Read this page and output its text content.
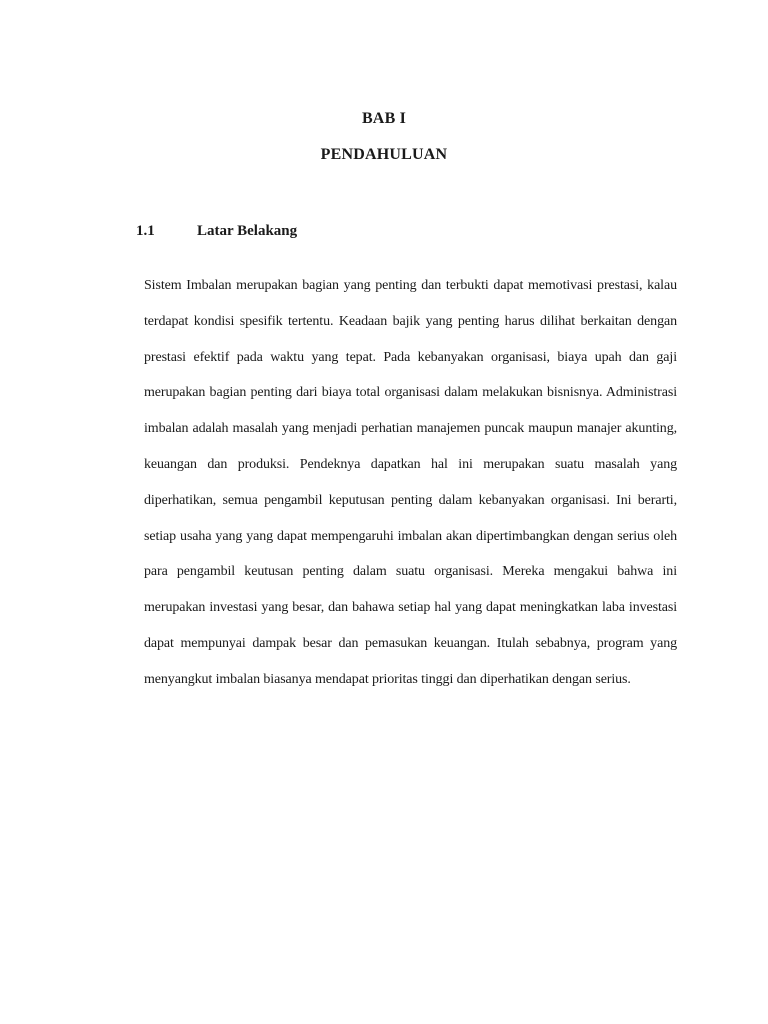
BAB I
PENDAHULUAN
1.1	Latar Belakang

Sistem Imbalan merupakan bagian yang penting dan terbukti dapat memotivasi prestasi, kalau terdapat kondisi spesifik tertentu. Keadaan bajik yang penting harus dilihat berkaitan dengan prestasi efektif pada waktu yang tepat. Pada kebanyakan organisasi, biaya upah dan gaji merupakan bagian penting dari biaya total organisasi dalam melakukan bisnisnya. Administrasi imbalan adalah masalah yang menjadi perhatian manajemen puncak maupun manajer akunting, keuangan dan produksi. Pendeknya dapatkan hal ini merupakan suatu masalah yang diperhatikan, semua pengambil keputusan penting dalam kebanyakan organisasi. Ini berarti, setiap usaha yang yang dapat mempengaruhi imbalan akan dipertimbangkan dengan serius oleh para pengambil keutusan penting dalam suatu organisasi. Mereka mengakui bahwa ini merupakan investasi yang besar, dan bahawa setiap hal yang dapat meningkatkan laba investasi dapat mempunyai dampak besar dan pemasukan keuangan. Itulah sebabnya, program yang menyangkut imbalan biasanya mendapat prioritas tinggi dan diperhatikan dengan serius.
